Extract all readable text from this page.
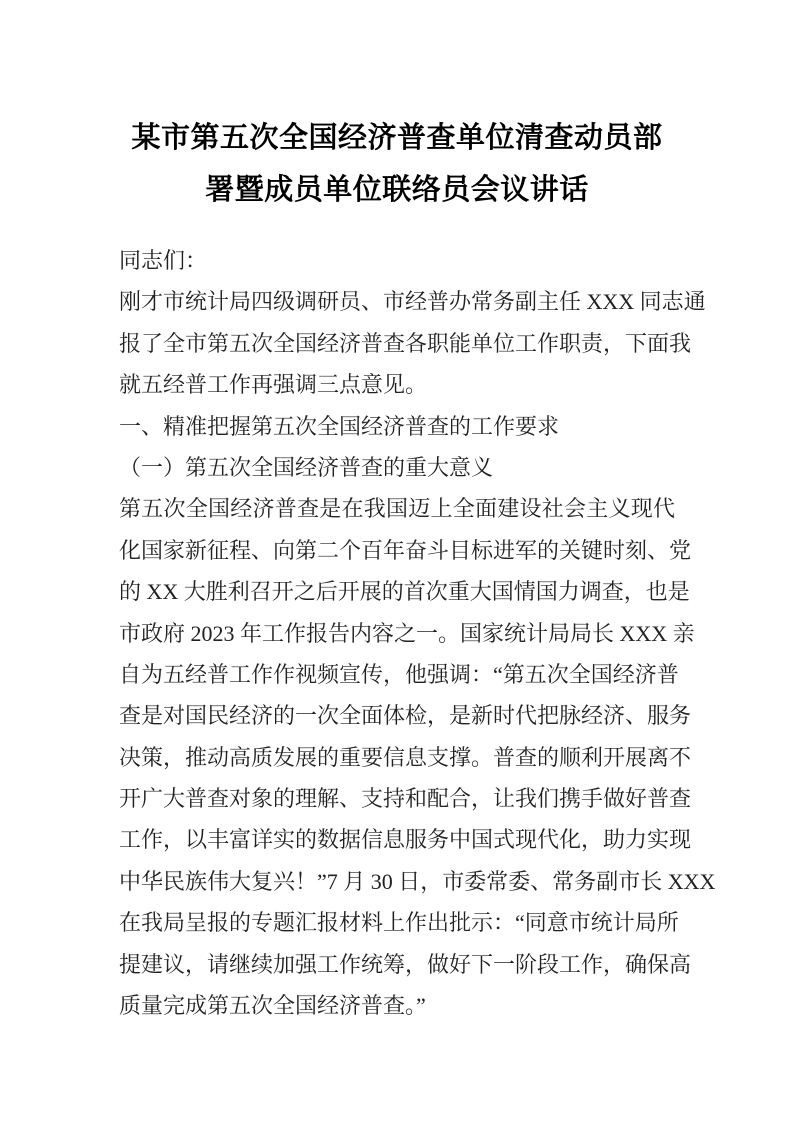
某市第五次全国经济普查单位清查动员部
署暨成员单位联络员会议讲话
同志们：
刚才市统计局四级调研员、市经普办常务副主任 XXX 同志通
报了全市第五次全国经济普查各职能单位工作职责，下面我
就五经普工作再强调三点意见。
一、精准把握第五次全国经济普查的工作要求
（一）第五次全国经济普查的重大意义
第五次全国经济普查是在我国迈上全面建设社会主义现代
化国家新征程、向第二个百年奋斗目标进军的关键时刻、党
的 XX 大胜利召开之后开展的首次重大国情国力调查，也是
市政府 2023 年工作报告内容之一。国家统计局局长 XXX 亲
自为五经普工作作视频宣传，他强调：“第五次全国经济普
查是对国民经济的一次全面体检，是新时代把脉经济、服务
决策，推动高质发展的重要信息支撑。普查的顺利开展离不
开广大普查对象的理解、支持和配合，让我们携手做好普查
工作，以丰富详实的数据信息服务中国式现代化，助力实现
中华民族伟大复兴！”7 月 30 日，市委常委、常务副市长 XXX
在我局呈报的专题汇报材料上作出批示：“同意市统计局所
提建议，请继续加强工作统筹，做好下一阶段工作，确保高
质量完成第五次全国经济普查。”
